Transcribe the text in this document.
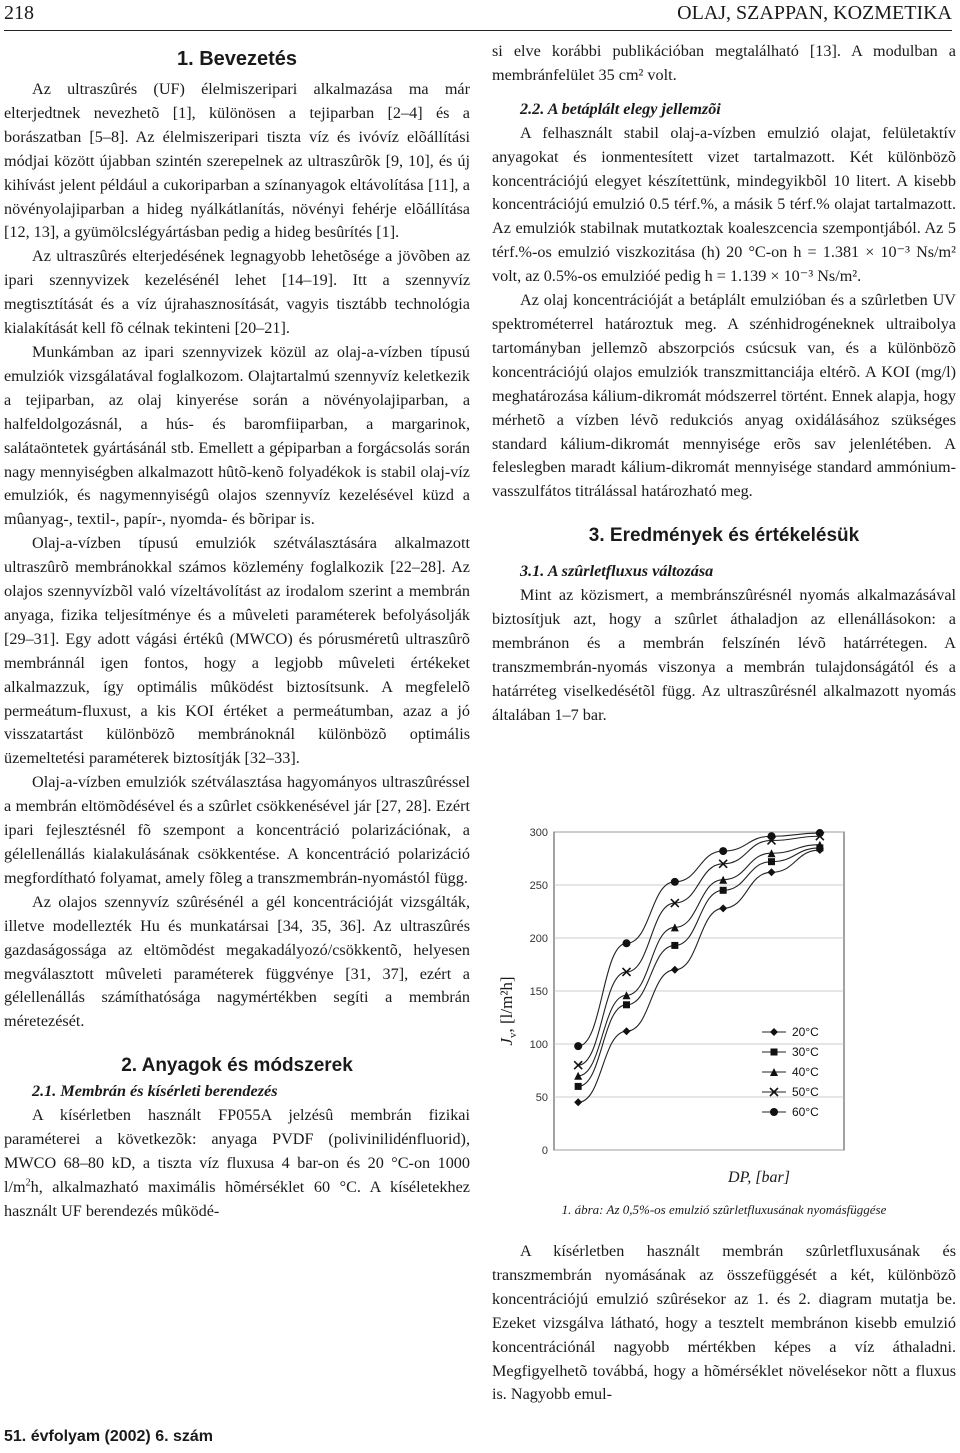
218	OLAJ, SZAPPAN, KOZMETIKA
1. Bevezetés

Az ultraszûrés (UF) élelmiszeripari alkalmazása ma már elterjedtnek nevezhetõ [1], különösen a tejiparban [2–4] és a borászatban [5–8]. Az élelmiszeripari tiszta víz és ivóvíz elõállítási módjai között újabban szintén szerepelnek az ultraszûrõk [9, 10], és új kihívást jelent például a cukoriparban a színanyagok eltávolítása [11], a növényolajiparban a hideg nyálkátlanítás, növényi fehérje elõállítása [12, 13], a gyümölcslégyártásban pedig a hideg besûrítés [1].

Az ultraszûrés elterjedésének legnagyobb lehetõsége a jövõben az ipari szennyvizek kezelésénél lehet [14–19]. Itt a szennyvíz megtisztítását és a víz újrahasznosítását, vagyis tisztább technológia kialakítását kell fõ célnak tekinteni [20–21].

Munkámban az ipari szennyvizek közül az olaj-a-vízben típusú emulziók vizsgálatával foglalkozom. Olajtartalmú szennyvíz keletkezik a tejiparban, az olaj kinyerése során a növényolajiparban, a halfeldolgozásnál, a hús- és baromfiiparban, a margarinok, salátaöntetek gyártásánál stb. Emellett a gépiparban a forgácsolás során nagy mennyiségben alkalmazott hûtõ-kenõ folyadékok is stabil olaj-víz emulziók, és nagymennyiségû olajos szennyvíz kezelésével küzd a mûanyag-, textil-, papír-, nyomda- és bõripar is.

Olaj-a-vízben típusú emulziók szétválasztására alkalmazott ultraszûrõ membránokkal számos közlemény foglalkozik [22–28]. Az olajos szennyvízbõl való vízeltávolítást az irodalom szerint a membrán anyaga, fizika teljesítménye és a mûveleti paraméterek befolyásolják [29–31]. Egy adott vágási értékû (MWCO) és pórusméretû ultraszûrõ membránnál igen fontos, hogy a legjobb mûveleti értékeket alkalmazzuk, így optimális mûködést biztosítsunk. A megfelelõ permeátum-fluxust, a kis KOI értéket a permeátumban, azaz a jó visszatartást különbözõ membránoknál különbözõ optimális üzemeltetési paraméterek biztosítják [32–33].

Olaj-a-vízben emulziók szétválasztása hagyományos ultraszûréssel a membrán eltömõdésével és a szûrlet csökkenésével jár [27, 28]. Ezért ipari fejlesztésnél fõ szempont a koncentráció polarizációnak, a gélellenállás kialakulásának csökkentése. A koncentráció polarizáció megfordítható folyamat, amely fõleg a transzmembrán-nyomástól függ.

Az olajos szennyvíz szûrésénél a gél koncentrációját vizsgálták, illetve modellezték Hu és munkatársai [34, 35, 36]. Az ultraszûrés gazdaságossága az eltömõdést megakadályozó/csökkentõ, helyesen megválasztott mûveleti paraméterek függvénye [31, 37], ezért a gélellenállás számíthatósága nagymértékben segíti a membrán méretezését.

2. Anyagok és módszerek

2.1. Membrán és kísérleti berendezés

A kísérletben használt FP055A jelzésû membrán fizikai paraméterei a következõk: anyaga PVDF (polivinilidénfluorid), MWCO 68–80 kD, a tiszta víz fluxusa 4 bar-on és 20 °C-on 1000 $l/m^2h$, alkalmazható maximális hõmérséklet 60 °C. A kíséletekhez használt UF berendezés mûködé-

si elve korábbi publikációban megtalálható [13]. A modulban a membránfelület 35 cm² volt.

2.2. A betáplált elegy jellemzõi

A felhasznált stabil olaj-a-vízben emulzió olajat, felületaktív anyagokat és ionmentesített vizet tartalmazott. Két különbözõ koncentrációjú elegyet készítettünk, mindegyikbõl 10 litert. A kisebb koncentrációjú emulzió 0.5 térf.%, a másik 5 térf.% olajat tartalmazott. Az emulziók stabilnak mutatkoztak koaleszcencia szempontjából. Az 5 térf.%-os emulzió viszkozitása (h) 20 °C-on h = 1.381 × 10⁻³ Ns/m² volt, az 0.5%-os emulzióé pedig h = 1.139 × 10⁻³ Ns/m².

Az olaj koncentrációját a betáplált emulzióban és a szûrletben UV spektrométerrel határoztuk meg. A szénhidrogéneknek ultraibolya tartományban jellemzõ abszorpciós csúcsuk van, és a különbözõ koncentrációjú olajos emulziók transzmittanciája eltérõ. A KOI (mg/l) meghatározása kálium-dikromát módszerrel történt. Ennek alapja, hogy mérhetõ a vízben lévõ redukciós anyag oxidálásához szükséges standard kálium-dikromát mennyisége erõs sav jelenlétében. A feleslegben maradt kálium-dikromát mennyisége standard ammónium-vasszulfátos titrálással határozható meg.

3. Eredmények és értékelésük

3.1. A szûrletfluxus változása

Mint az közismert, a membránszûrésnél nyomás alkalmazásával biztosítjuk azt, hogy a szûrlet áthaladjon az ellenállásokon: a membránon és a membrán felszínén lévõ határrétegen. A transzmembrán-nyomás viszonya a membrán tulajdonságától és a határréteg viselkedésétõl függ. Az ultraszûrésnél alkalmazott nyomás általában 1–7 bar.

0
50
100
150
200
250
300
$J_v$, [l/m²h]
DP, [bar]
20°C
30°C
40°C
50°C
60°C
1. ábra: Az 0,5%-os emulzió szûrletfluxusának nyomásfüggése

A kísérletben használt membrán szûrletfluxusának és transzmembrán nyomásának az összefüggését a két, különbözõ koncentrációjú emulzió szûrésekor az 1. és 2. diagram mutatja be. Ezeket vizsgálva látható, hogy a tesztelt membránon kisebb emulzió koncentrációnál nagyobb mértékben képes a víz áthaladni. Megfigyelhetõ továbbá, hogy a hõmérséklet növelésekor nõtt a fluxus is. Nagyobb emul-

51. évfolyam (2002) 6. szám
